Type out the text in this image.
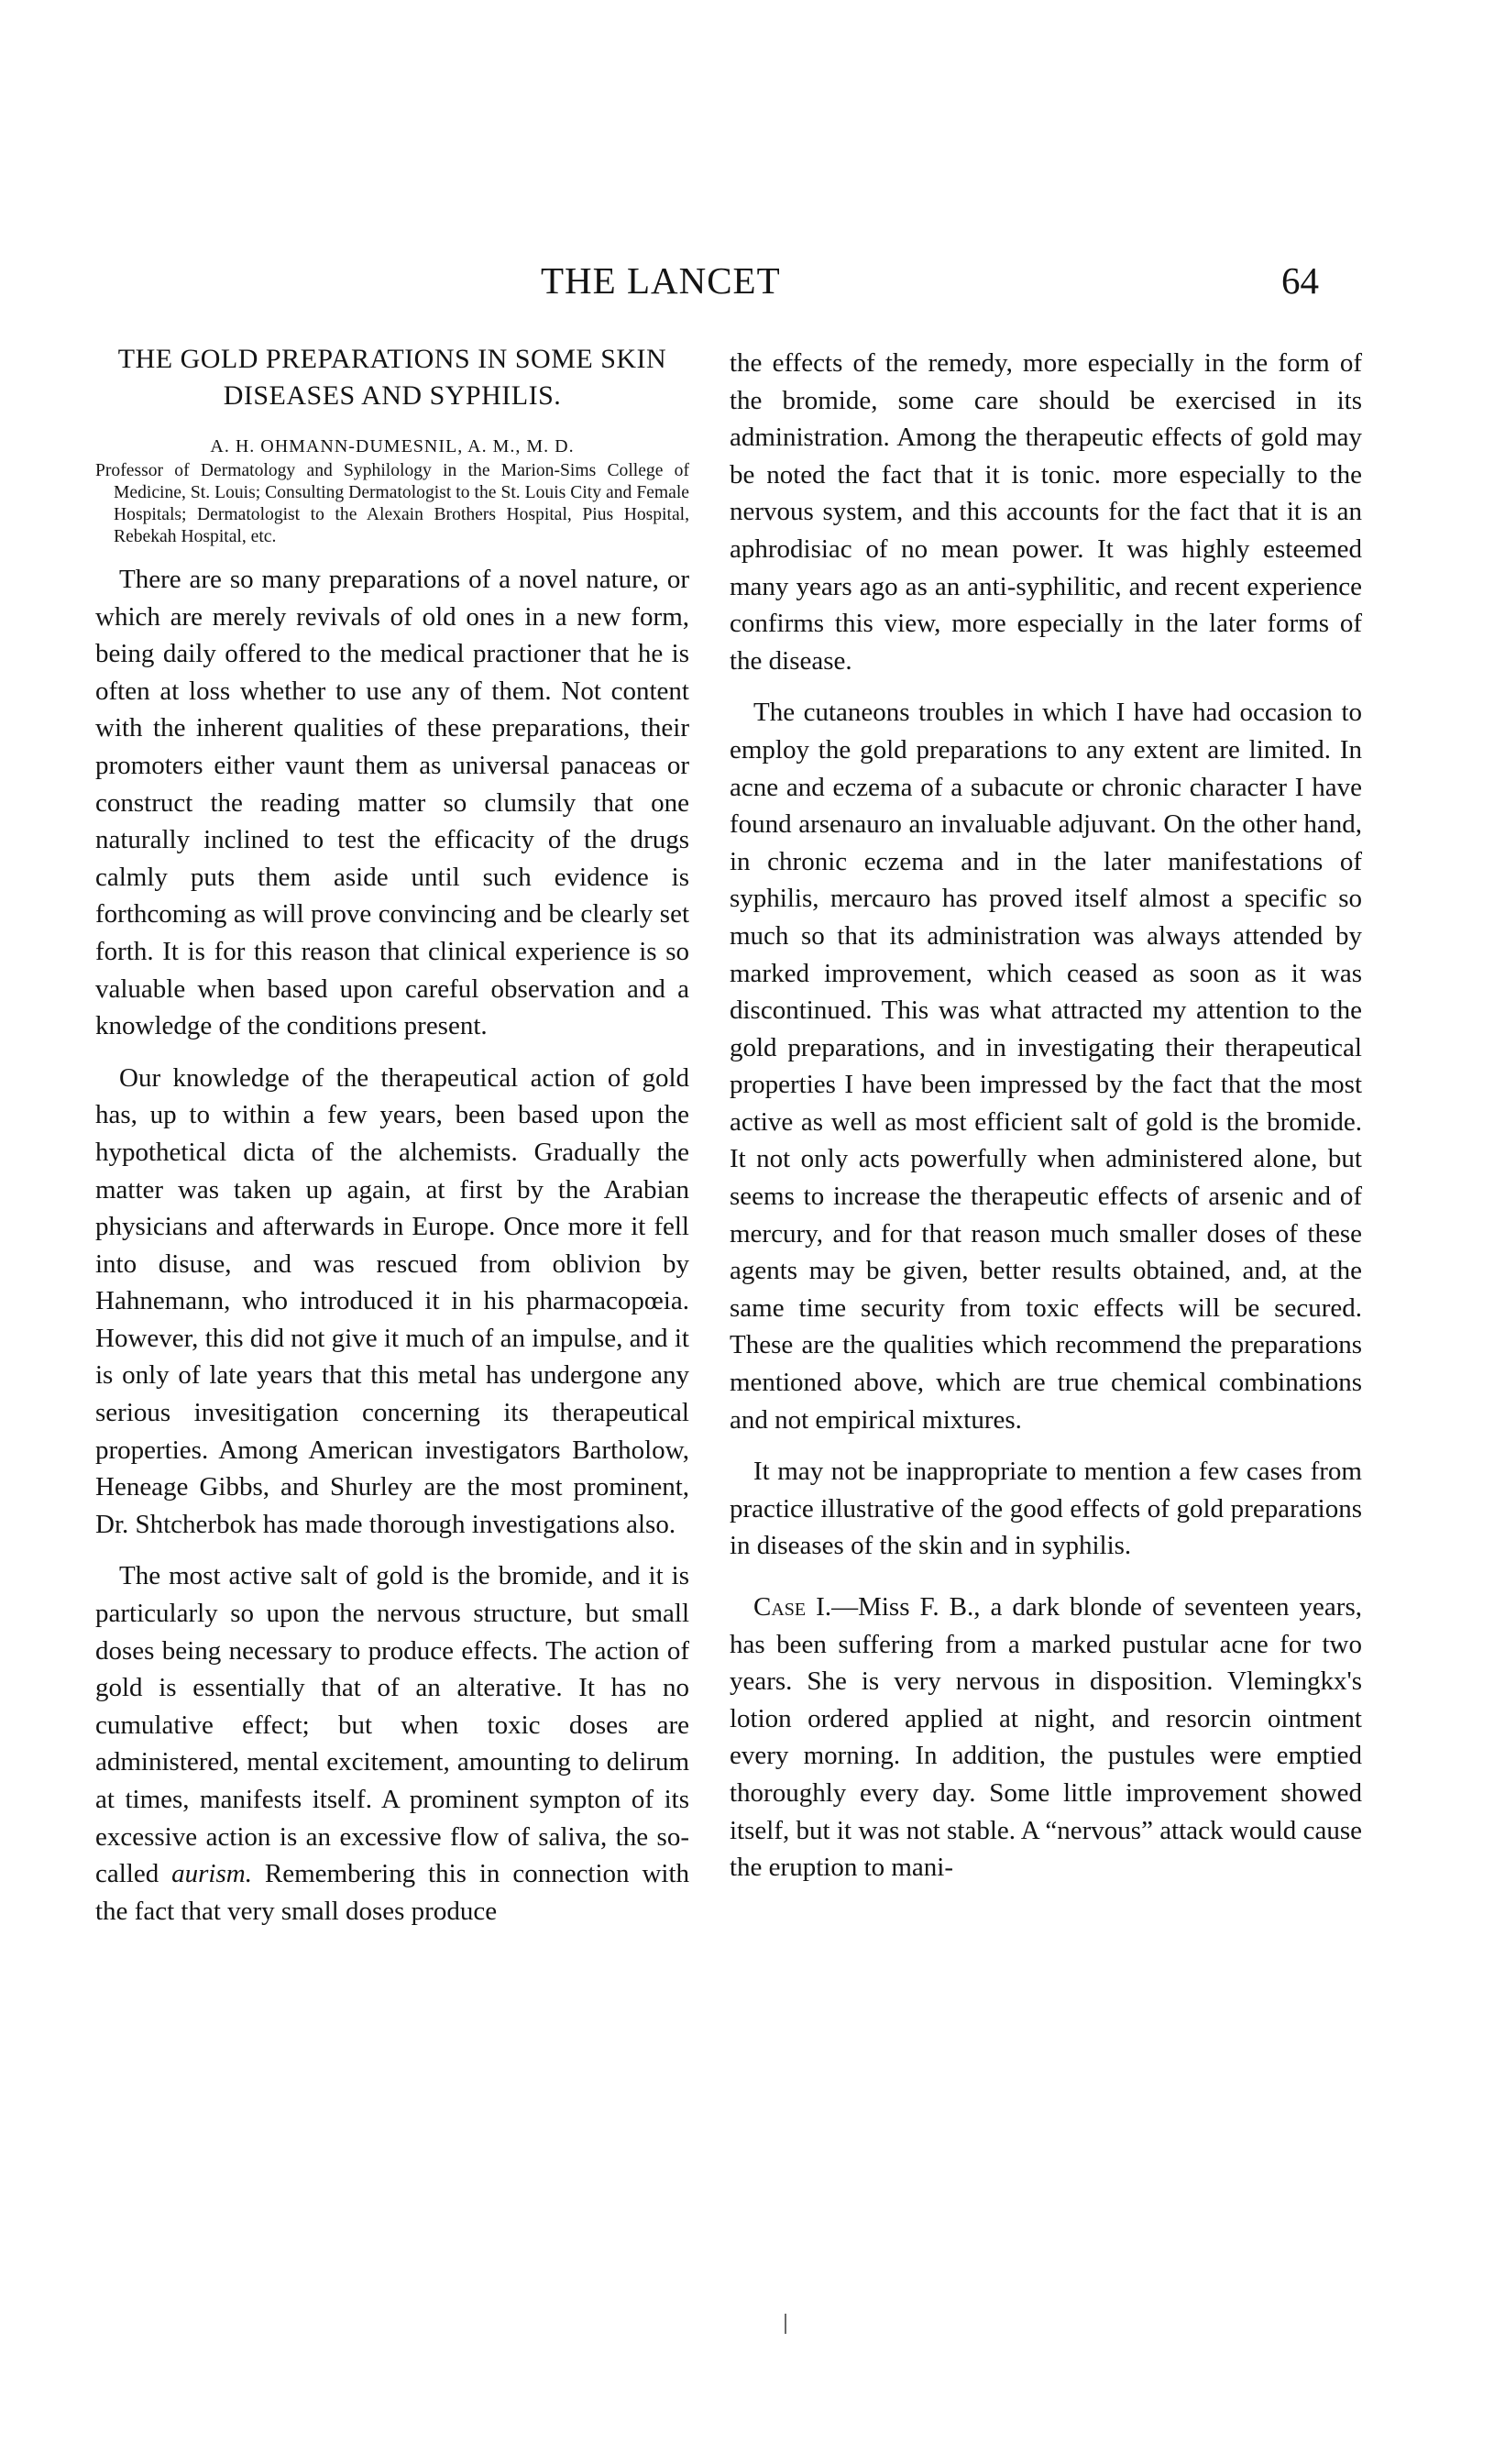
THE LANCET	64
THE GOLD PREPARATIONS IN SOME SKIN DISEASES AND SYPHILIS.
A. H. OHMANN-DUMESNIL, A. M., M. D.
Professor of Dermatology and Syphilology in the Marion-Sims College of Medicine, St. Louis; Consulting Dermatologist to the St. Louis City and Female Hospitals; Dermatologist to the Alexain Brothers Hospital, Pius Hospital, Rebekah Hospital, etc.

There are so many preparations of a novel nature, or which are merely revivals of old ones in a new form, being daily offered to the medical practioner that he is often at loss whether to use any of them. Not content with the inherent qualities of these preparations, their promoters either vaunt them as universal panaceas or construct the reading matter so clumsily that one naturally inclined to test the efficacity of the drugs calmly puts them aside until such evidence is forthcoming as will prove convincing and be clearly set forth. It is for this reason that clinical experience is so valuable when based upon careful observation and a knowledge of the conditions present.

Our knowledge of the therapeutical action of gold has, up to within a few years, been based upon the hypothetical dicta of the alchemists. Gradually the matter was taken up again, at first by the Arabian physicians and afterwards in Europe. Once more it fell into disuse, and was rescued from oblivion by Hahnemann, who introduced it in his pharmacopœia. However, this did not give it much of an impulse, and it is only of late years that this metal has undergone any serious invesitigation concerning its therapeutical properties. Among American investigators Bartholow, Heneage Gibbs, and Shurley are the most prominent, Dr. Shtcherbok has made thorough investigations also.

The most active salt of gold is the bromide, and it is particularly so upon the nervous structure, but small doses being necessary to produce effects. The action of gold is essentially that of an alterative. It has no cumulative effect; but when toxic doses are administered, mental excitement, amounting to delirum at times, manifests itself. A prominent sympton of its excessive action is an excessive flow of saliva, the so-called aurism. Remembering this in connection with the fact that very small doses produce

the effects of the remedy, more especially in the form of the bromide, some care should be exercised in its administration. Among the therapeutic effects of gold may be noted the fact that it is tonic. more especially to the nervous system, and this accounts for the fact that it is an aphrodisiac of no mean power. It was highly esteemed many years ago as an anti-syphilitic, and recent experience confirms this view, more especially in the later forms of the disease.

The cutaneons troubles in which I have had occasion to employ the gold preparations to any extent are limited. In acne and eczema of a subacute or chronic character I have found arsenauro an invaluable adjuvant. On the other hand, in chronic eczema and in the later manifestations of syphilis, mercauro has proved itself almost a specific so much so that its administration was always attended by marked improvement, which ceased as soon as it was discontinued. This was what attracted my attention to the gold preparations, and in investigating their therapeutical properties I have been impressed by the fact that the most active as well as most efficient salt of gold is the bromide. It not only acts powerfully when administered alone, but seems to increase the therapeutic effects of arsenic and of mercury, and for that reason much smaller doses of these agents may be given, better results obtained, and, at the same time security from toxic effects will be secured. These are the qualities which recommend the preparations mentioned above, which are true chemical combinations and not empirical mixtures.

It may not be inappropriate to mention a few cases from practice illustrative of the good effects of gold preparations in diseases of the skin and in syphilis.

Case I.—Miss F. B., a dark blonde of seventeen years, has been suffering from a marked pustular acne for two years. She is very nervous in disposition. Vlemingkx's lotion ordered applied at night, and resorcin ointment every morning. In addition, the pustules were emptied thoroughly every day. Some little improvement showed itself, but it was not stable. A “nervous” attack would cause the eruption to mani-
